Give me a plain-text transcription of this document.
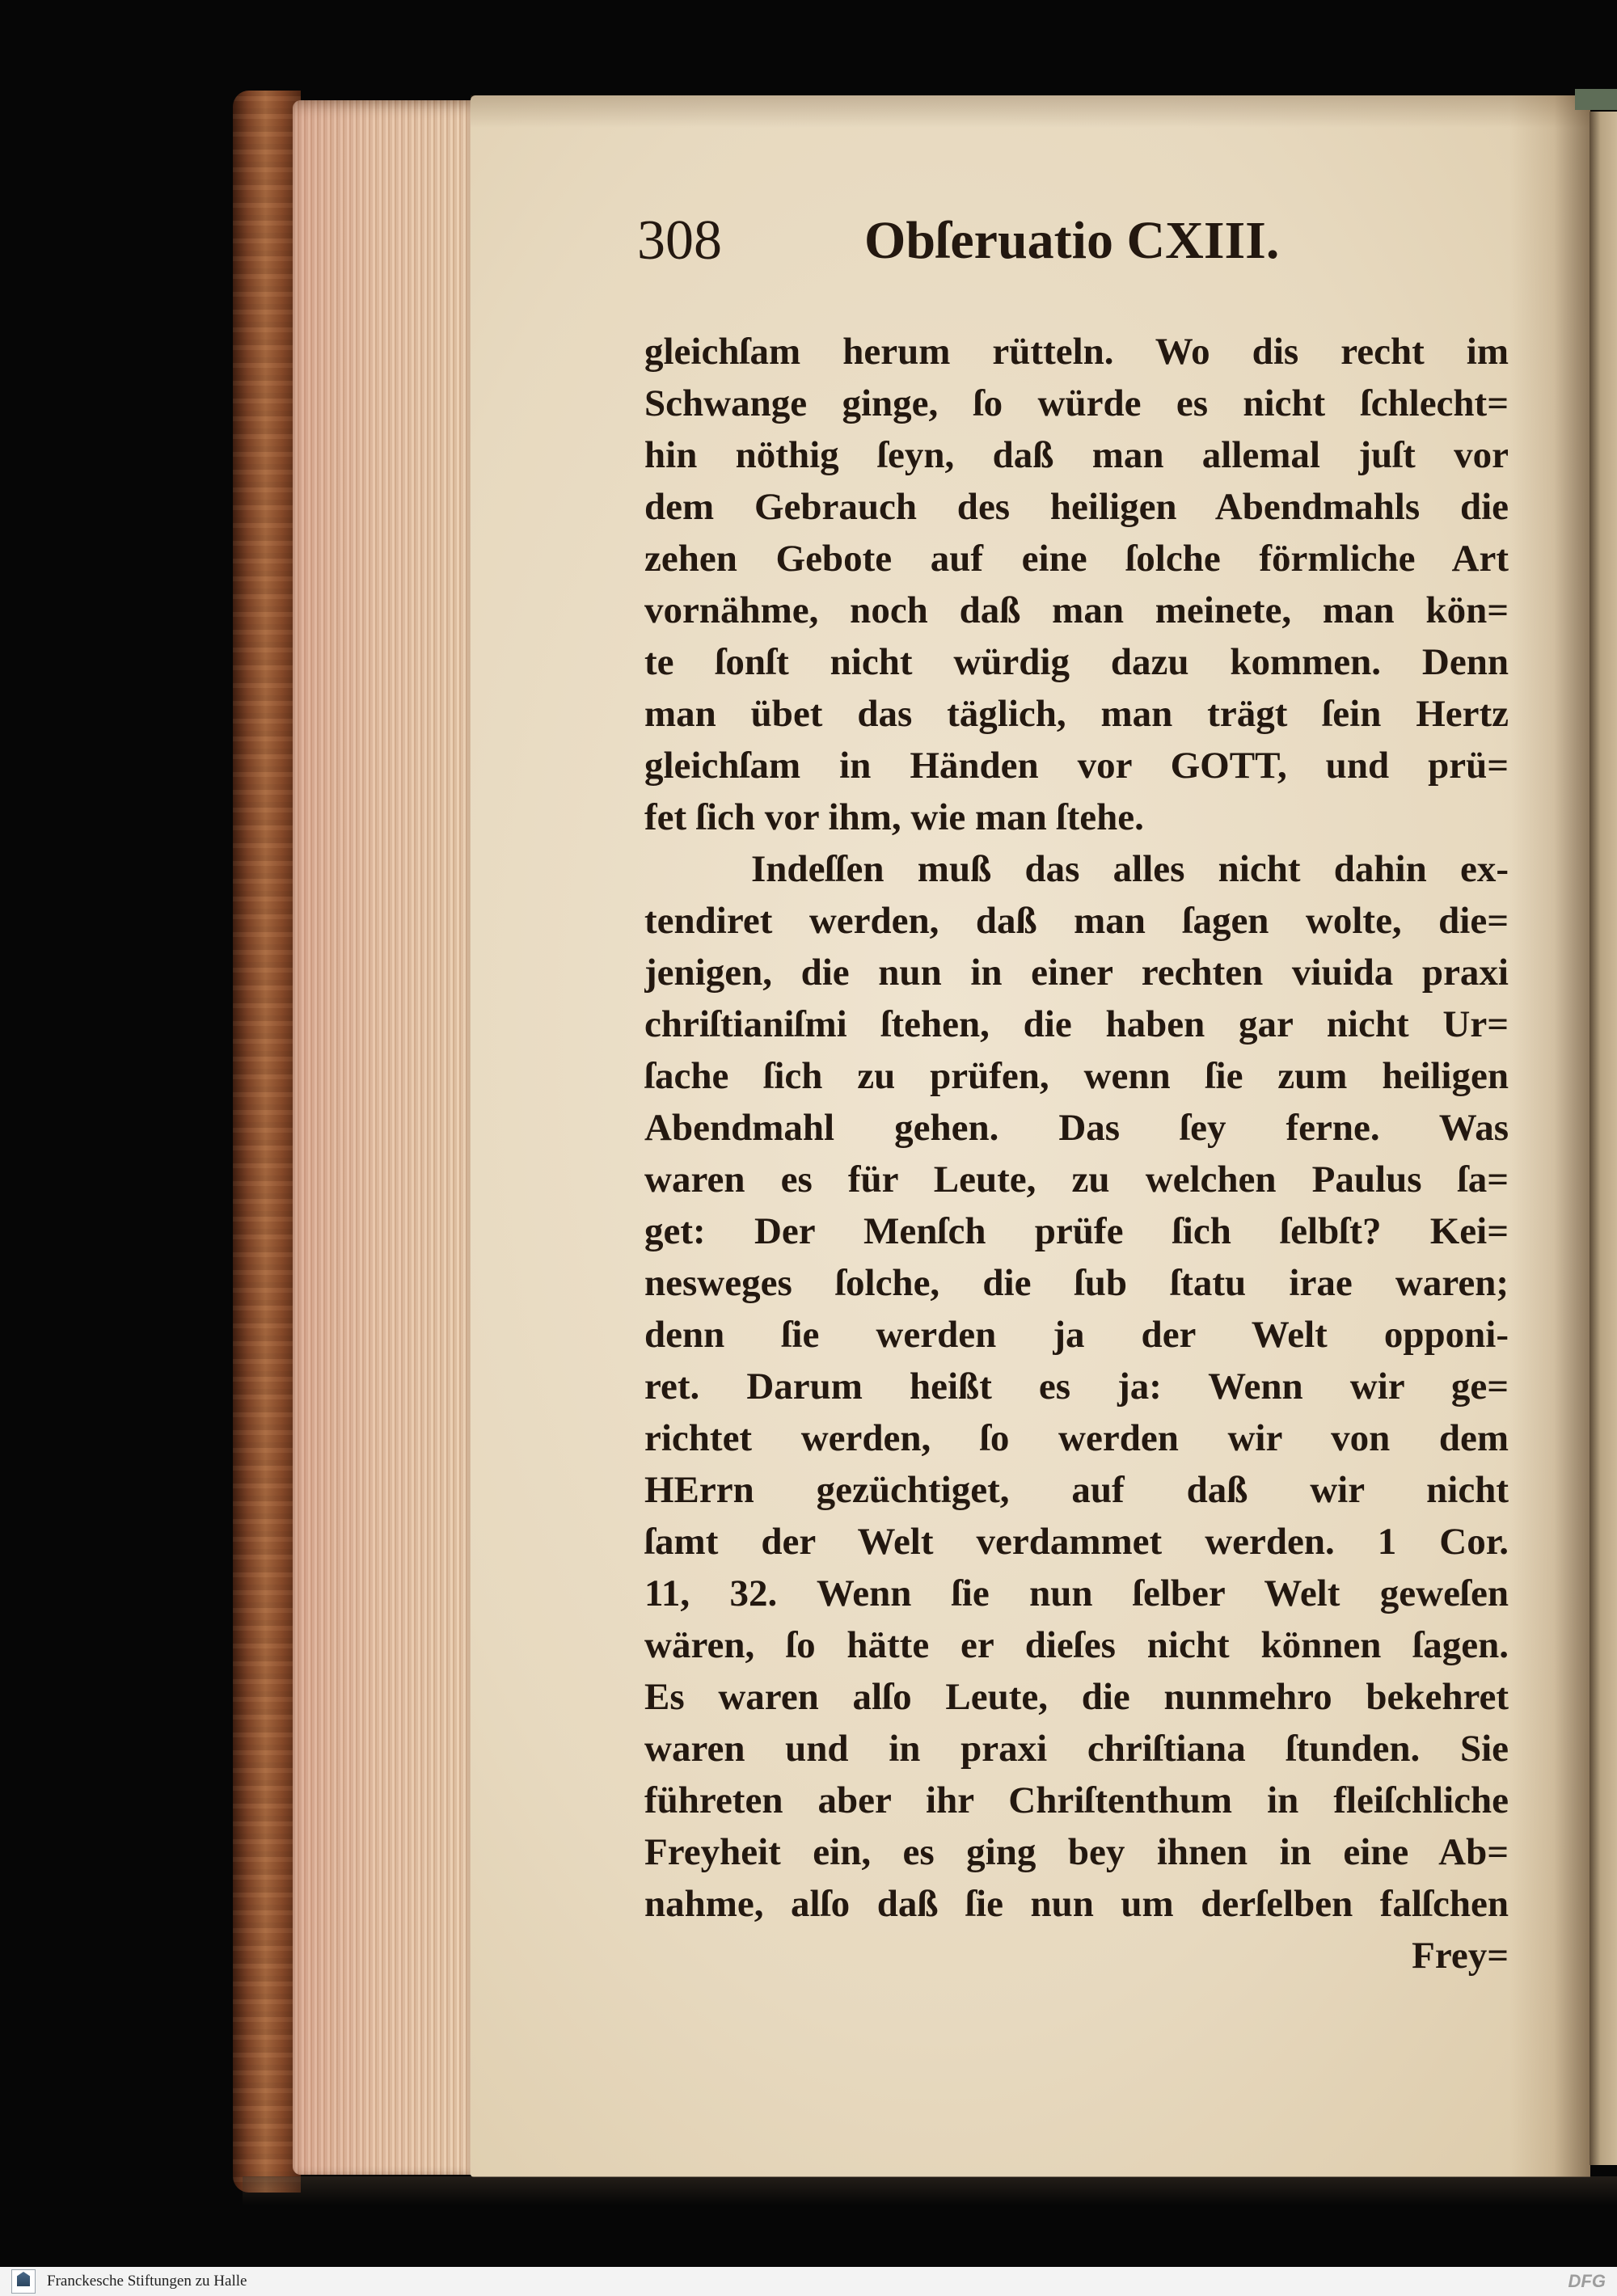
308	Obſeruatio CXIII.
gleichſam herum rütteln. Wo dis recht im
Schwange ginge, ſo würde es nicht ſchlecht=
hin nöthig ſeyn, daß man allemal juſt vor
dem Gebrauch des heiligen Abendmahls die
zehen Gebote auf eine ſolche förmliche Art
vornähme, noch daß man meinete, man kön=
te ſonſt nicht würdig dazu kommen. Denn
man übet das täglich, man trägt ſein Hertz
gleichſam in Händen vor GOTT, und prü=
fet ſich vor ihm, wie man ſtehe.
Indeſſen muß das alles nicht dahin ex-
tendiret werden, daß man ſagen wolte, die=
jenigen, die nun in einer rechten viuida praxi
chriſtianiſmi ſtehen, die haben gar nicht Ur=
ſache ſich zu prüfen, wenn ſie zum heiligen
Abendmahl gehen. Das ſey ferne. Was
waren es für Leute, zu welchen Paulus ſa=
get: Der Menſch prüfe ſich ſelbſt? Kei=
nesweges ſolche, die ſub ſtatu irae waren;
denn ſie werden ja der Welt opponi-
ret. Darum heißt es ja: Wenn wir ge=
richtet werden, ſo werden wir von dem
HErrn gezüchtiget, auf daß wir nicht
ſamt der Welt verdammet werden. 1 Cor.
11, 32. Wenn ſie nun ſelber Welt geweſen
wären, ſo hätte er dieſes nicht können ſagen.
Es waren alſo Leute, die nunmehro bekehret
waren und in praxi chriſtiana ſtunden. Sie
führeten aber ihr Chriſtenthum in fleiſchliche
Freyheit ein, es ging bey ihnen in eine Ab=
nahme, alſo daß ſie nun um derſelben falſchen
Frey=
Franckesche Stiftungen zu Halle	DFG
